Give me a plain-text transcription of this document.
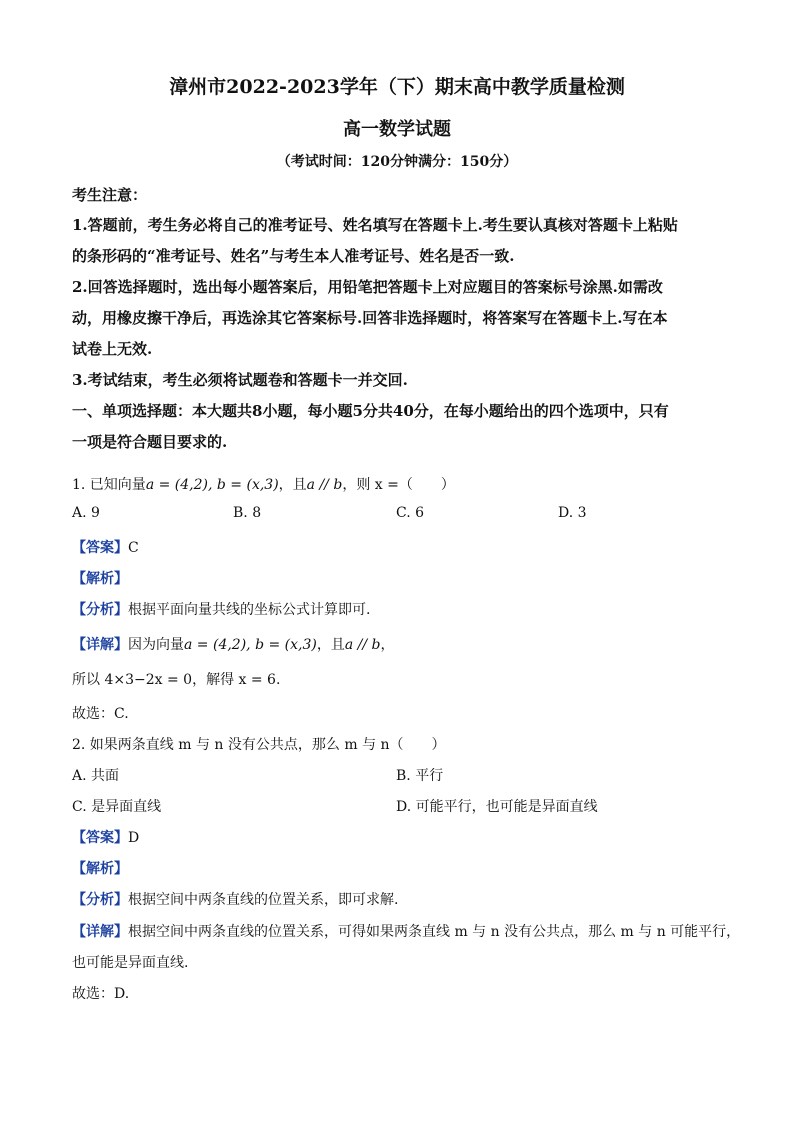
漳州市2022-2023学年（下）期末高中教学质量检测
高一数学试题
（考试时间：120分钟满分：150分）
考生注意：
1.答题前，考生务必将自己的准考证号、姓名填写在答题卡上.考生要认真核对答题卡上粘贴
的条形码的“准考证号、姓名”与考生本人准考证号、姓名是否一致.
2.回答选择题时，选出每小题答案后，用铅笔把答题卡上对应题目的答案标号涂黑.如需改
动，用橡皮擦干净后，再选涂其它答案标号.回答非选择题时，将答案写在答题卡上.写在本
试卷上无效.
3.考试结束，考生必须将试题卷和答题卡一并交回.
一、单项选择题：本大题共8小题，每小题5分共40分，在每小题给出的四个选项中，只有
一项是符合题目要求的.
1. 已知向量a = (4,2), b = (x,3)，且a // b，则 x =（　　）
A. 9	B. 8	C. 6	D. 3
【答案】C
【解析】
【分析】根据平面向量共线的坐标公式计算即可.
【详解】因为向量a = (4,2), b = (x,3)，且a // b，
所以 4×3−2x = 0，解得 x = 6.
故选：C.
2. 如果两条直线 m 与 n 没有公共点，那么 m 与 n（　　）
A. 共面	B. 平行
C. 是异面直线	D. 可能平行，也可能是异面直线
【答案】D
【解析】
【分析】根据空间中两条直线的位置关系，即可求解.
【详解】根据空间中两条直线的位置关系，可得如果两条直线 m 与 n 没有公共点，那么 m 与 n 可能平行，
也可能是异面直线.
故选：D.
